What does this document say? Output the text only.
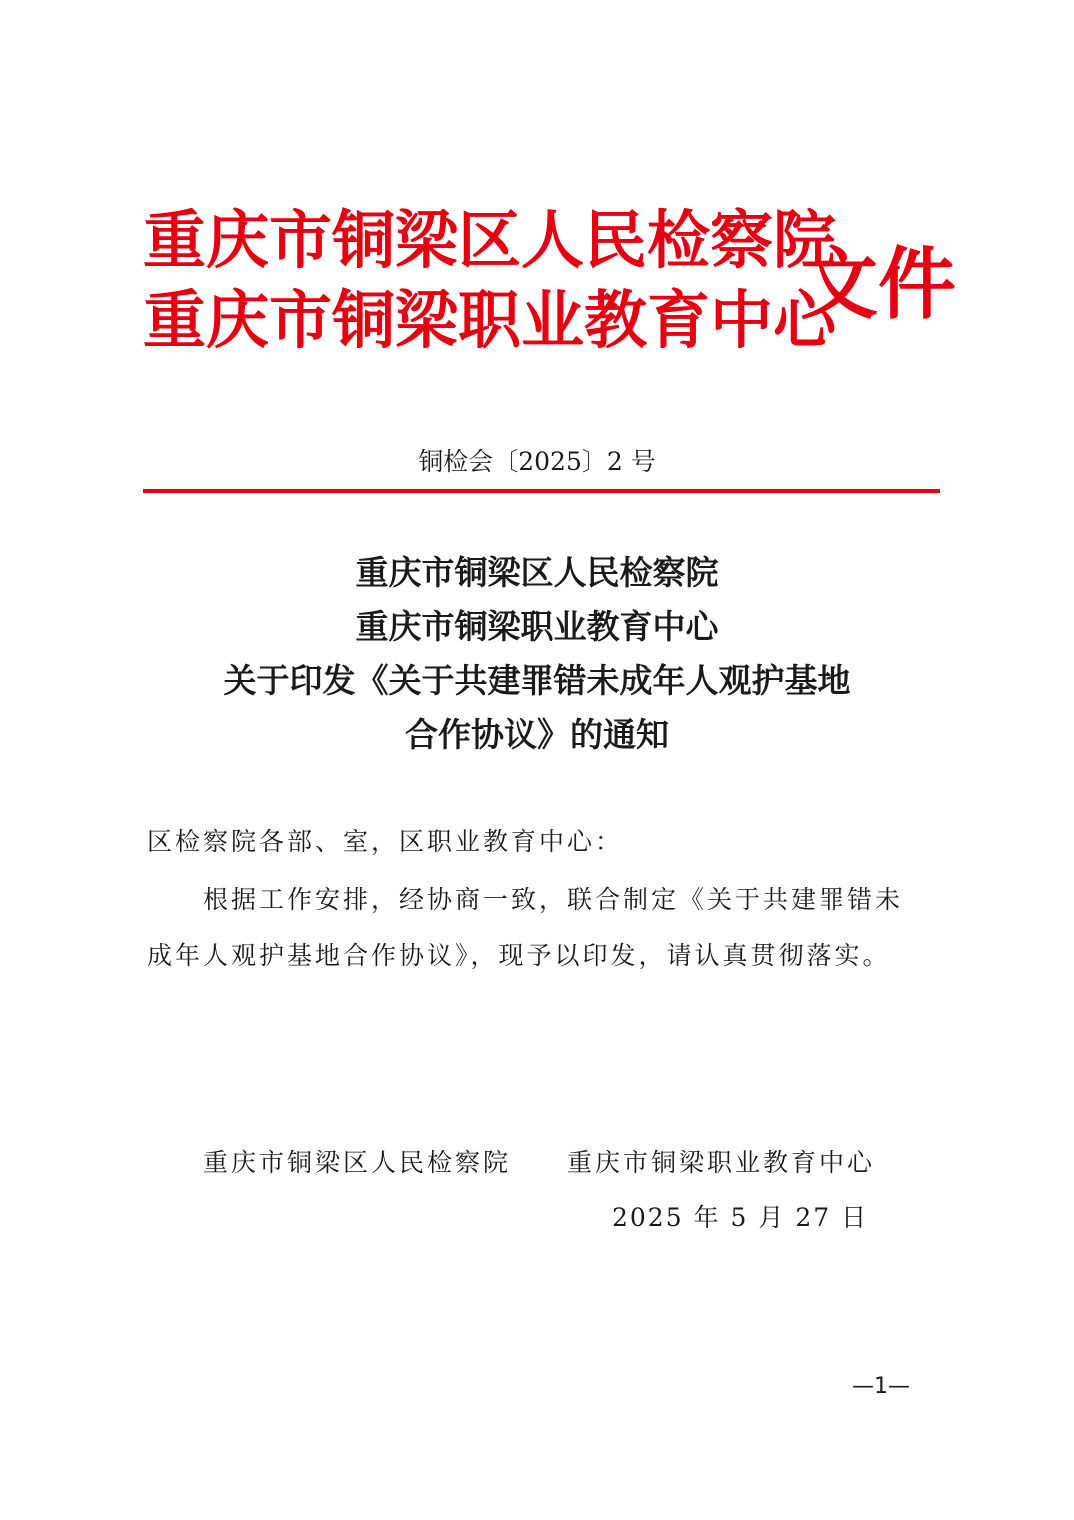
重庆市铜梁区人民检察院
重庆市铜梁职业教育中心
文件
铜检会〔2025〕2 号
重庆市铜梁区人民检察院
重庆市铜梁职业教育中心
关于印发《关于共建罪错未成年人观护基地
合作协议》的通知
区检察院各部、室，区职业教育中心：
根据工作安排，经协商一致，联合制定《关于共建罪错未
成年人观护基地合作协议》，现予以印发，请认真贯彻落实。
重庆市铜梁区人民检察院 重庆市铜梁职业教育中心
2025 年 5 月 27 日
—1—
